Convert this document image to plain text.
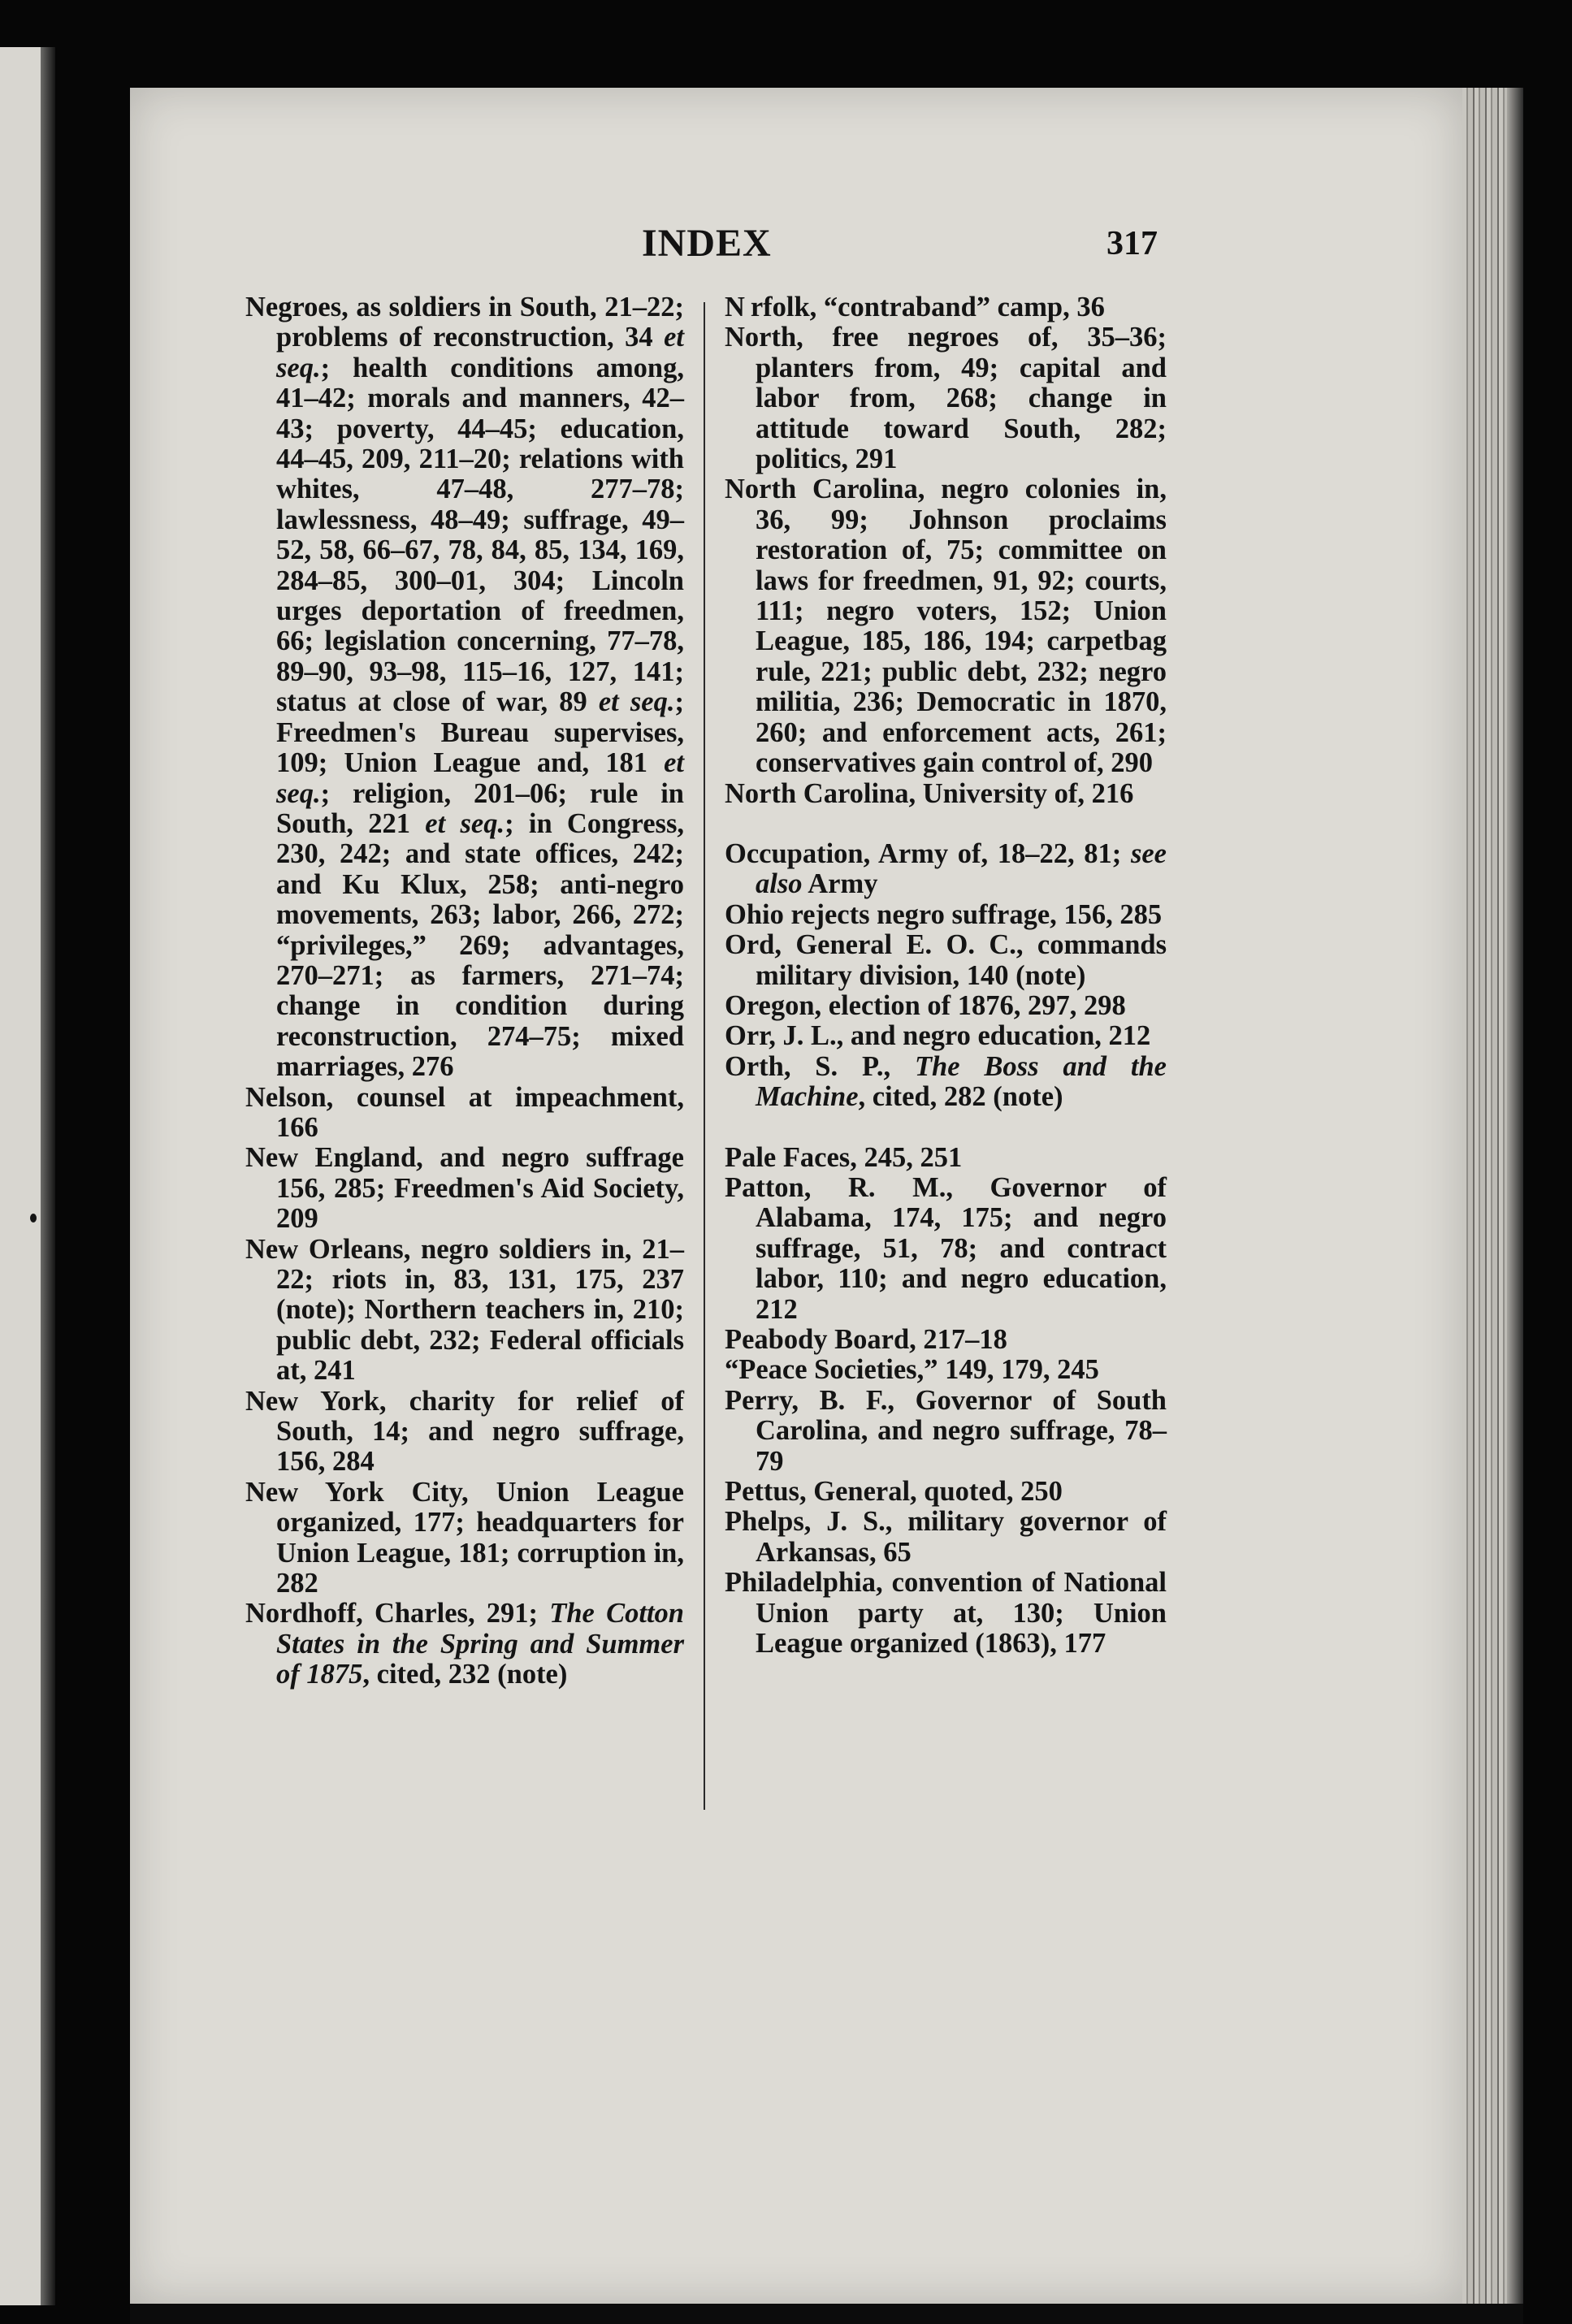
INDEX	317

Negroes, as soldiers in South, 21–22; problems of reconstruction, 34 et seq.; health conditions among, 41–42; morals and manners, 42–43; poverty, 44–45; education, 44–45, 209, 211–20; relations with whites, 47–48, 277–78; lawlessness, 48–49; suffrage, 49–52, 58, 66–67, 78, 84, 85, 134, 169, 284–85, 300–01, 304; Lincoln urges deportation of freedmen, 66; legislation concerning, 77–78, 89–90, 93–98, 115–16, 127, 141; status at close of war, 89 et seq.; Freedmen's Bureau supervises, 109; Union League and, 181 et seq.; religion, 201–06; rule in South, 221 et seq.; in Congress, 230, 242; and state offices, 242; and Ku Klux, 258; anti-negro movements, 263; labor, 266, 272; “privileges,” 269; advantages, 270–271; as farmers, 271–74; change in condition during reconstruction, 274–75; mixed marriages, 276

Nelson, counsel at impeachment, 166

New England, and negro suffrage 156, 285; Freedmen's Aid Society, 209

New Orleans, negro soldiers in, 21–22; riots in, 83, 131, 175, 237 (note); Northern teachers in, 210; public debt, 232; Federal officials at, 241

New York, charity for relief of South, 14; and negro suffrage, 156, 284

New York City, Union League organized, 177; headquarters for Union League, 181; corruption in, 282

Nordhoff, Charles, 291; The Cotton States in the Spring and Summer of 1875, cited, 232 (note)

N rfolk, “contraband” camp, 36

North, free negroes of, 35–36; planters from, 49; capital and labor from, 268; change in attitude toward South, 282; politics, 291

North Carolina, negro colonies in, 36, 99; Johnson proclaims restoration of, 75; committee on laws for freedmen, 91, 92; courts, 111; negro voters, 152; Union League, 185, 186, 194; carpetbag rule, 221; public debt, 232; negro militia, 236; Democratic in 1870, 260; and enforcement acts, 261; conservatives gain control of, 290

North Carolina, University of, 216

Occupation, Army of, 18–22, 81; see also Army

Ohio rejects negro suffrage, 156, 285

Ord, General E. O. C., commands military division, 140 (note)

Oregon, election of 1876, 297, 298

Orr, J. L., and negro education, 212

Orth, S. P., The Boss and the Machine, cited, 282 (note)

Pale Faces, 245, 251

Patton, R. M., Governor of Alabama, 174, 175; and negro suffrage, 51, 78; and contract labor, 110; and negro education, 212

Peabody Board, 217–18

“Peace Societies,” 149, 179, 245

Perry, B. F., Governor of South Carolina, and negro suffrage, 78–79

Pettus, General, quoted, 250

Phelps, J. S., military governor of Arkansas, 65

Philadelphia, convention of National Union party at, 130; Union League organized (1863), 177
